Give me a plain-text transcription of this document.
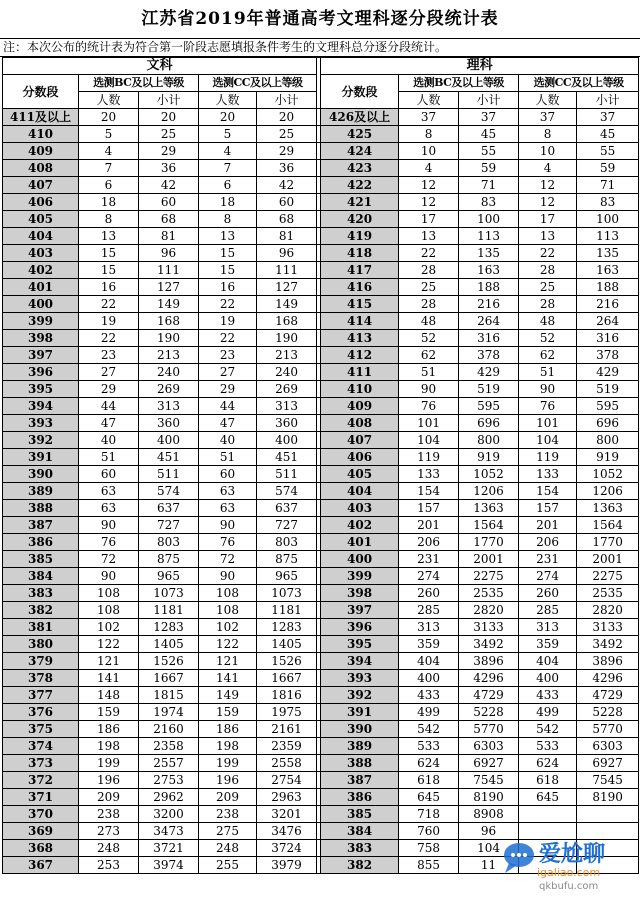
江苏省2019年普通高考文理科逐分段统计表
注：本次公布的统计表为符合第一阶段志愿填报条件考生的文理科总分逐分段统计。
文科						理科				
分数段	选测BC及以上等级		选测CC及以上等级			分数段	选测BC及以上等级		选测CC及以上等级	
	人数	小计	人数	小计			人数	小计	人数	小计
411及以上	20	20	20	20		426及以上	37	37	37	37
410	5	25	5	25		425	8	45	8	45
409	4	29	4	29		424	10	55	10	55
408	7	36	7	36		423	4	59	4	59
407	6	42	6	42		422	12	71	12	71
406	18	60	18	60		421	12	83	12	83
405	8	68	8	68		420	17	100	17	100
404	13	81	13	81		419	13	113	13	113
403	15	96	15	96		418	22	135	22	135
402	15	111	15	111		417	28	163	28	163
401	16	127	16	127		416	25	188	25	188
400	22	149	22	149		415	28	216	28	216
399	19	168	19	168		414	48	264	48	264
398	22	190	22	190		413	52	316	52	316
397	23	213	23	213		412	62	378	62	378
396	27	240	27	240		411	51	429	51	429
395	29	269	29	269		410	90	519	90	519
394	44	313	44	313		409	76	595	76	595
393	47	360	47	360		408	101	696	101	696
392	40	400	40	400		407	104	800	104	800
391	51	451	51	451		406	119	919	119	919
390	60	511	60	511		405	133	1052	133	1052
389	63	574	63	574		404	154	1206	154	1206
388	63	637	63	637		403	157	1363	157	1363
387	90	727	90	727		402	201	1564	201	1564
386	76	803	76	803		401	206	1770	206	1770
385	72	875	72	875		400	231	2001	231	2001
384	90	965	90	965		399	274	2275	274	2275
383	108	1073	108	1073		398	260	2535	260	2535
382	108	1181	108	1181		397	285	2820	285	2820
381	102	1283	102	1283		396	313	3133	313	3133
380	122	1405	122	1405		395	359	3492	359	3492
379	121	1526	121	1526		394	404	3896	404	3896
378	141	1667	141	1667		393	400	4296	400	4296
377	148	1815	149	1816		392	433	4729	433	4729
376	159	1974	159	1975		391	499	5228	499	5228
375	186	2160	186	2161		390	542	5770	542	5770
374	198	2358	198	2359		389	533	6303	533	6303
373	199	2557	199	2558		388	624	6927	624	6927
372	196	2753	196	2754		387	618	7545	618	7545
371	209	2962	209	2963		386	645	8190	645	8190
370	238	3200	238	3201		385	718	8908		
369	273	3473	275	3476		384	760	96		
368	248	3721	248	3724		383	758	104		
367	253	3974	255	3979		382	855	11		爱尬聊
igaliao.com
qkbufu.com
